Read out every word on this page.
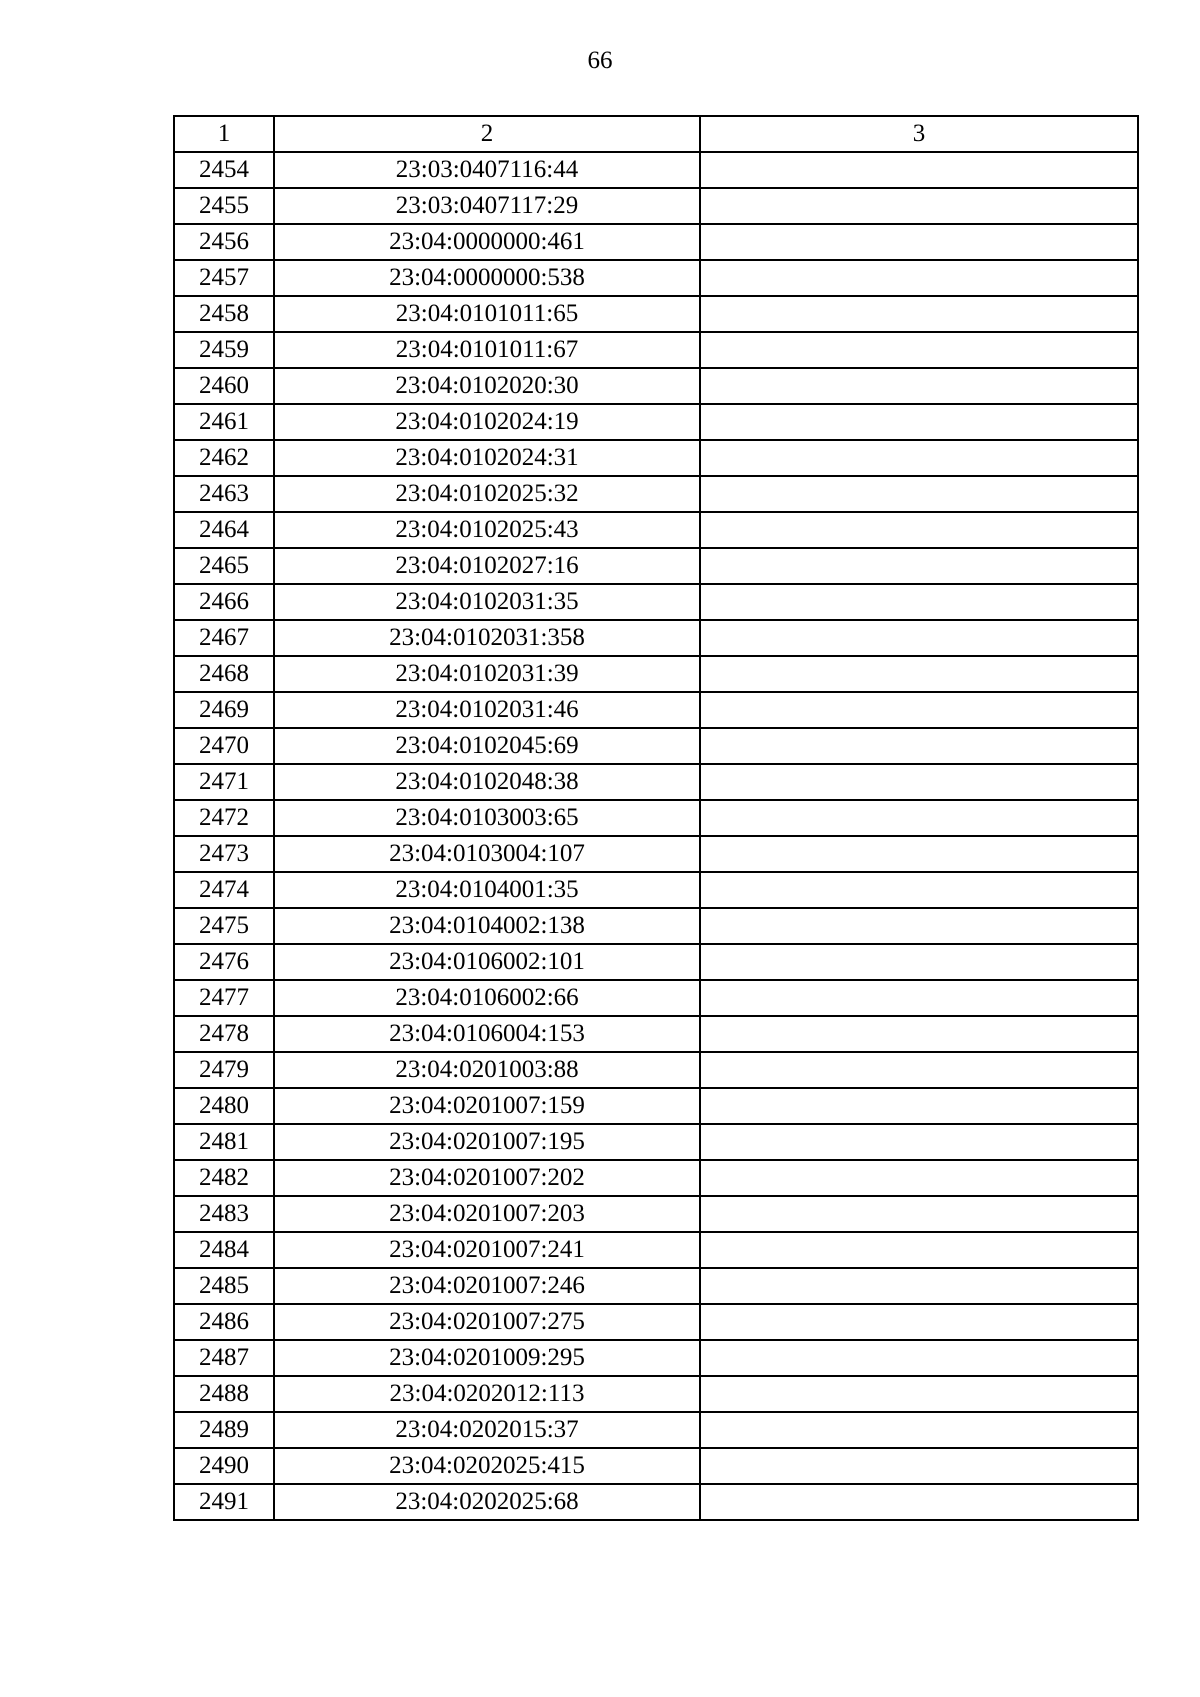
66
1	2	3
2454	23:03:0407116:44	
2455	23:03:0407117:29	
2456	23:04:0000000:461	
2457	23:04:0000000:538	
2458	23:04:0101011:65	
2459	23:04:0101011:67	
2460	23:04:0102020:30	
2461	23:04:0102024:19	
2462	23:04:0102024:31	
2463	23:04:0102025:32	
2464	23:04:0102025:43	
2465	23:04:0102027:16	
2466	23:04:0102031:35	
2467	23:04:0102031:358	
2468	23:04:0102031:39	
2469	23:04:0102031:46	
2470	23:04:0102045:69	
2471	23:04:0102048:38	
2472	23:04:0103003:65	
2473	23:04:0103004:107	
2474	23:04:0104001:35	
2475	23:04:0104002:138	
2476	23:04:0106002:101	
2477	23:04:0106002:66	
2478	23:04:0106004:153	
2479	23:04:0201003:88	
2480	23:04:0201007:159	
2481	23:04:0201007:195	
2482	23:04:0201007:202	
2483	23:04:0201007:203	
2484	23:04:0201007:241	
2485	23:04:0201007:246	
2486	23:04:0201007:275	
2487	23:04:0201009:295	
2488	23:04:0202012:113	
2489	23:04:0202015:37	
2490	23:04:0202025:415	
2491	23:04:0202025:68	
